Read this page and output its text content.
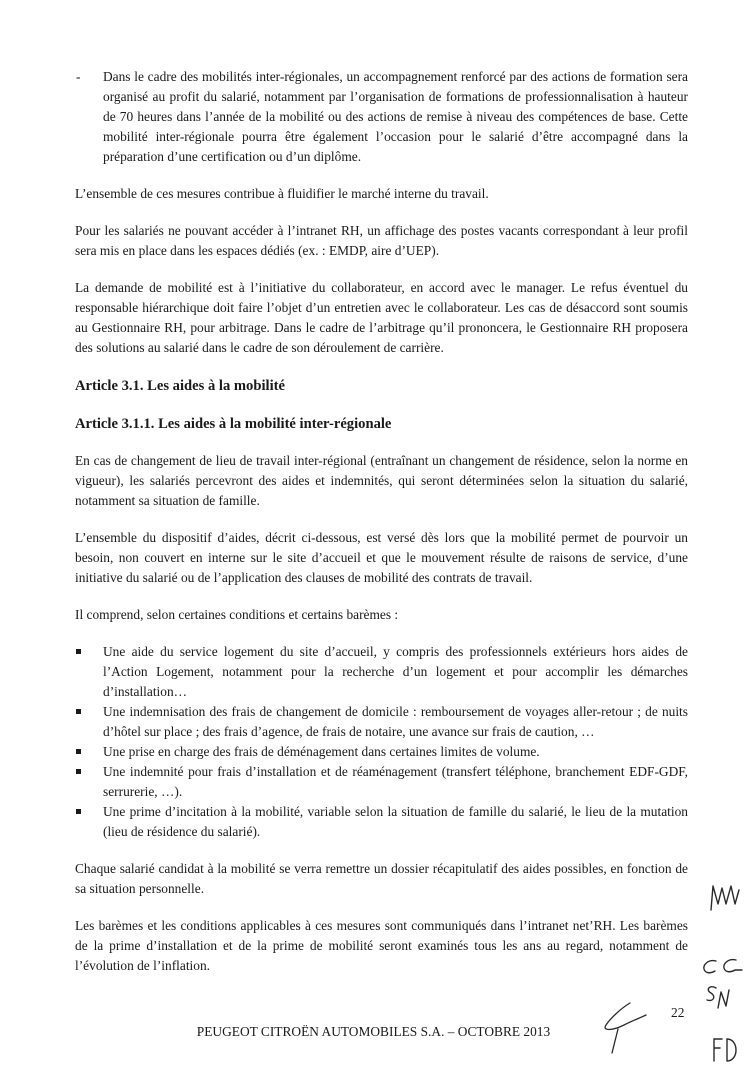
- Dans le cadre des mobilités inter-régionales, un accompagnement renforcé par des actions de formation sera organisé au profit du salarié, notamment par l’organisation de formations de professionnalisation à hauteur de 70 heures dans l’année de la mobilité ou des actions de remise à niveau des compétences de base. Cette mobilité inter-régionale pourra être également l’occasion pour le salarié d’être accompagné dans la préparation d’une certification ou d’un diplôme.

L’ensemble de ces mesures contribue à fluidifier le marché interne du travail.

Pour les salariés ne pouvant accéder à l’intranet RH, un affichage des postes vacants correspondant à leur profil sera mis en place dans les espaces dédiés (ex. : EMDP, aire d’UEP).

La demande de mobilité est à l’initiative du collaborateur, en accord avec le manager. Le refus éventuel du responsable hiérarchique doit faire l’objet d’un entretien avec le collaborateur. Les cas de désaccord sont soumis au Gestionnaire RH, pour arbitrage. Dans le cadre de l’arbitrage qu’il prononcera, le Gestionnaire RH proposera des solutions au salarié dans le cadre de son déroulement de carrière.

Article 3.1. Les aides à la mobilité
Article 3.1.1. Les aides à la mobilité inter-régionale

En cas de changement de lieu de travail inter-régional (entraînant un changement de résidence, selon la norme en vigueur), les salariés percevront des aides et indemnités, qui seront déterminées selon la situation du salarié, notamment sa situation de famille.

L’ensemble du dispositif d’aides, décrit ci-dessous, est versé dès lors que la mobilité permet de pourvoir un besoin, non couvert en interne sur le site d’accueil et que le mouvement résulte de raisons de service, d’une initiative du salarié ou de l’application des clauses de mobilité des contrats de travail.

Il comprend, selon certaines conditions et certains barèmes :

Une aide du service logement du site d’accueil, y compris des professionnels extérieurs hors aides de l’Action Logement, notamment pour la recherche d’un logement et pour accomplir les démarches d’installation…
Une indemnisation des frais de changement de domicile : remboursement de voyages aller-retour ; de nuits d’hôtel sur place ; des frais d’agence, de frais de notaire, une avance sur frais de caution, …
Une prise en charge des frais de déménagement dans certaines limites de volume.
Une indemnité pour frais d’installation et de réaménagement (transfert téléphone, branchement EDF-GDF, serrurerie, …).
Une prime d’incitation à la mobilité, variable selon la situation de famille du salarié, le lieu de la mutation (lieu de résidence du salarié).

Chaque salarié candidat à la mobilité se verra remettre un dossier récapitulatif des aides possibles, en fonction de sa situation personnelle.

Les barèmes et les conditions applicables à ces mesures sont communiqués dans l’intranet net’RH. Les barèmes de la prime d’installation et de la prime de mobilité seront examinés tous les ans au regard, notamment de l’évolution de l’inflation.

22
PEUGEOT CITROËN AUTOMOBILES S.A. – OCTOBRE 2013
